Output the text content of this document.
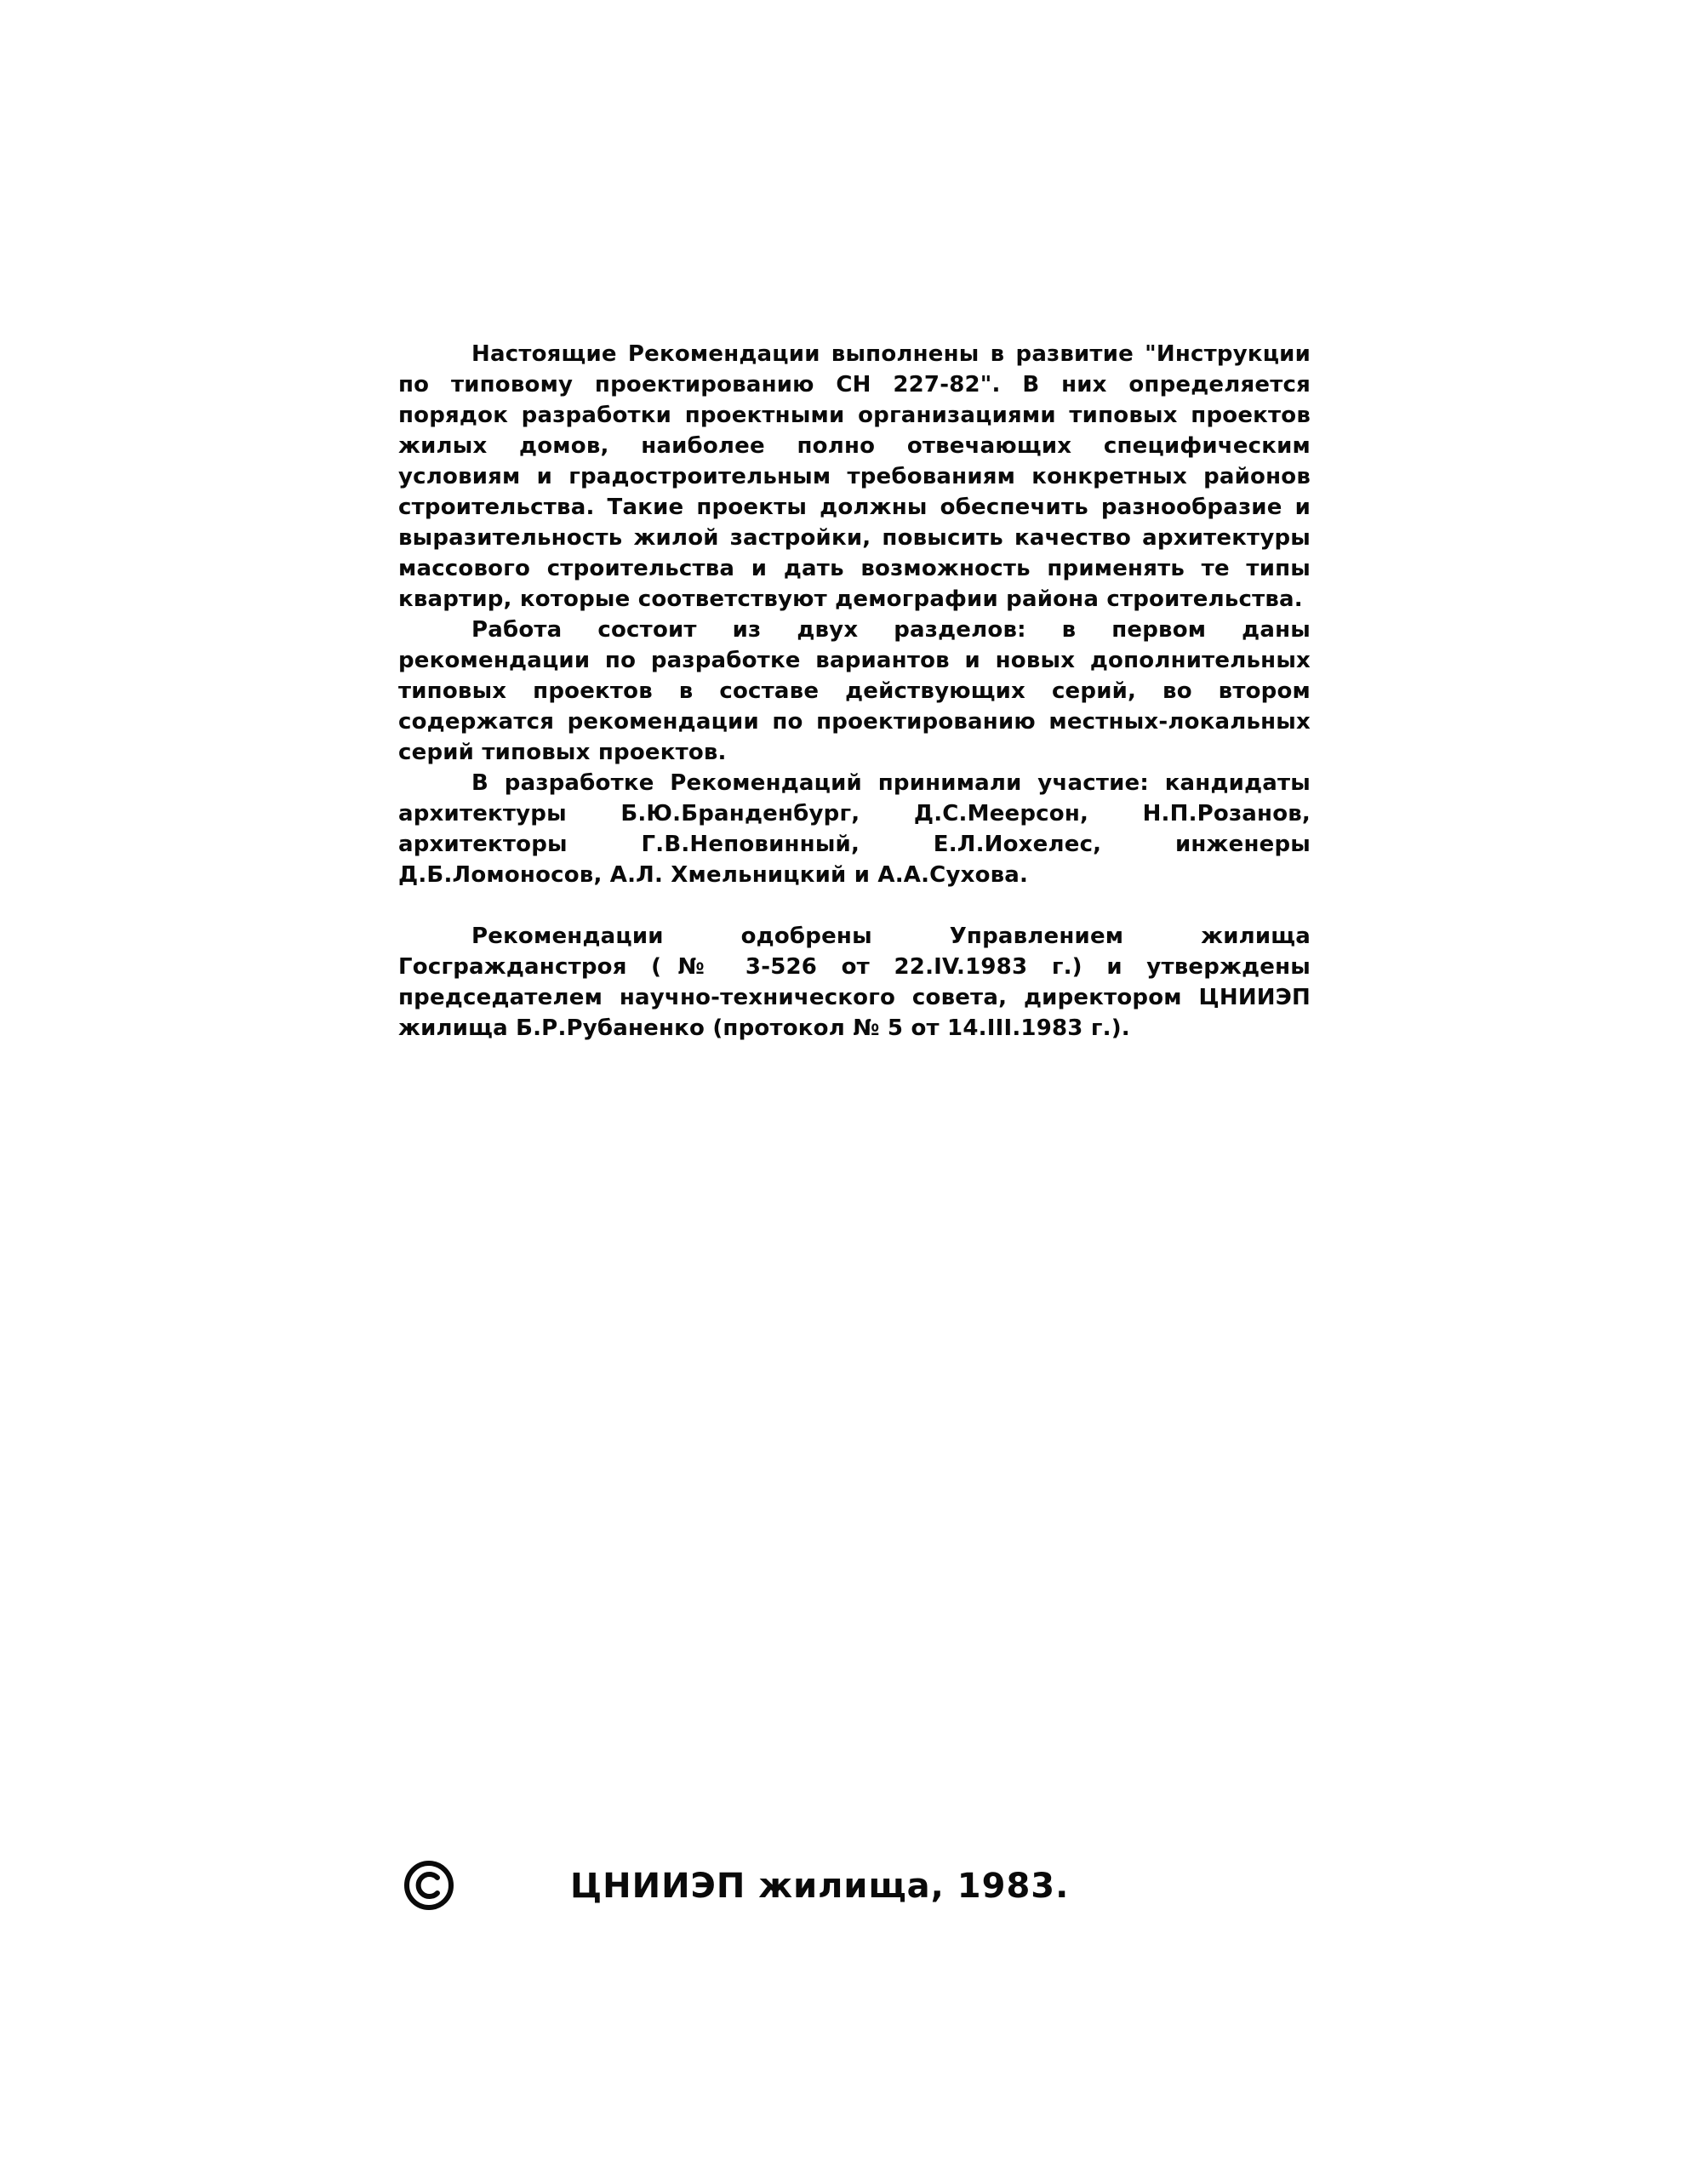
Настоящие Рекомендации выполнены в развитие "Инструкции по типовому проектированию СН 227-82". В них определяется порядок разработки проектными организациями типовых проектов жилых домов, наиболее полно отвечающих специфическим условиям и градостроительным требованиям конкретных районов строительства. Такие проекты должны обеспечить разнообразие и выразительность жилой застройки, повысить качество архитектуры массового строительства и дать возможность применять те типы квартир, которые соответствуют демографии района строительства.

Работа состоит из двух разделов: в первом даны рекомендации по разработке вариантов и новых дополнительных типовых проектов в составе действующих серий, во втором содержатся рекомендации по проектированию местных-локальных серий типовых проектов.

В разработке Рекомендаций принимали участие: кандидаты архитектуры Б.Ю.Бранденбург, Д.С.Меерсон, Н.П.Розанов, архитекторы Г.В.Неповинный, Е.Л.Иохелес, инженеры Д.Б.Ломоносов, А.Л. Хмельницкий и А.А.Сухова.

Рекомендации одобрены Управлением жилища Госгражданстроя (№ 3-526 от 22.IV.1983 г.) и утверждены председателем научно-технического совета, директором ЦНИИЭП жилища Б.Р.Рубаненко (протокол № 5 от 14.III.1983 г.).

ЦНИИЭП жилища, 1983.
